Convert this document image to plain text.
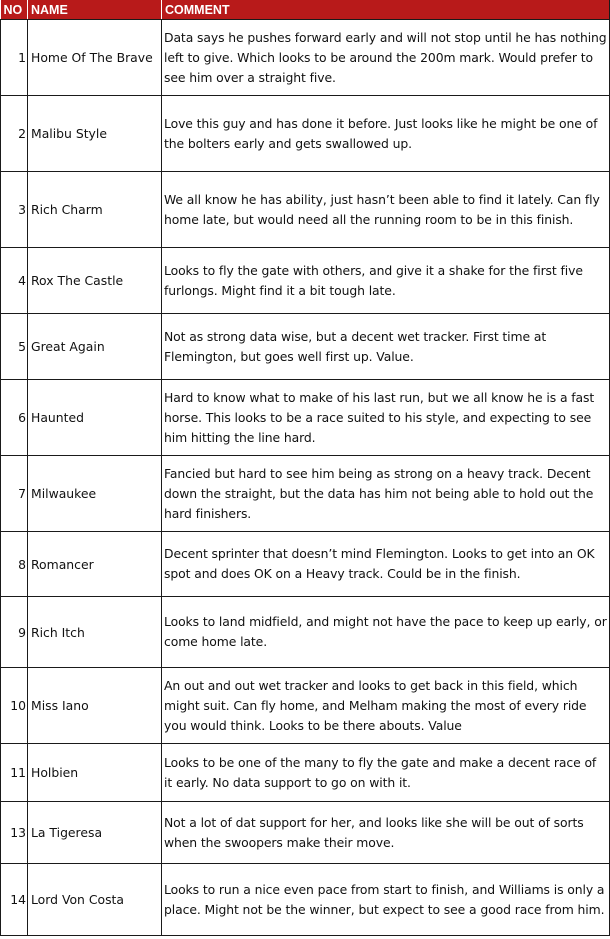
NO	NAME	COMMENT
1	Home Of The Brave	Data says he pushes forward early and will not stop until he has nothing left to give. Which looks to be around the 200m mark. Would prefer to see him over a straight five.
2	Malibu Style	Love this guy and has done it before. Just looks like he might be one of the bolters early and gets swallowed up.
3	Rich Charm	We all know he has ability, just hasn’t been able to find it lately. Can fly home late, but would need all the running room to be in this finish.
4	Rox The Castle	Looks to fly the gate with others, and give it a shake for the first five furlongs. Might find it a bit tough late.
5	Great Again	Not as strong data wise, but a decent wet tracker. First time at Flemington, but goes well first up. Value.
6	Haunted	Hard to know what to make of his last run, but we all know he is a fast horse. This looks to be a race suited to his style, and expecting to see him hitting the line hard.
7	Milwaukee	Fancied but hard to see him being as strong on a heavy track. Decent down the straight, but the data has him not being able to hold out the hard finishers.
8	Romancer	Decent sprinter that doesn’t mind Flemington. Looks to get into an OK spot and does OK on a Heavy track. Could be in the finish.
9	Rich Itch	Looks to land midfield, and might not have the pace to keep up early, or come home late.
10	Miss Iano	An out and out wet tracker and looks to get back in this field, which might suit. Can fly home, and Melham making the most of every ride you would think. Looks to be there abouts. Value
11	Holbien	Looks to be one of the many to fly the gate and make a decent race of it early. No data support to go on with it.
13	La Tigeresa	Not a lot of dat support for her, and looks like she will be out of sorts when the swoopers make their move.
14	Lord Von Costa	Looks to run a nice even pace from start to finish, and Williams is only a place. Might not be the winner, but expect to see a good race from him.
